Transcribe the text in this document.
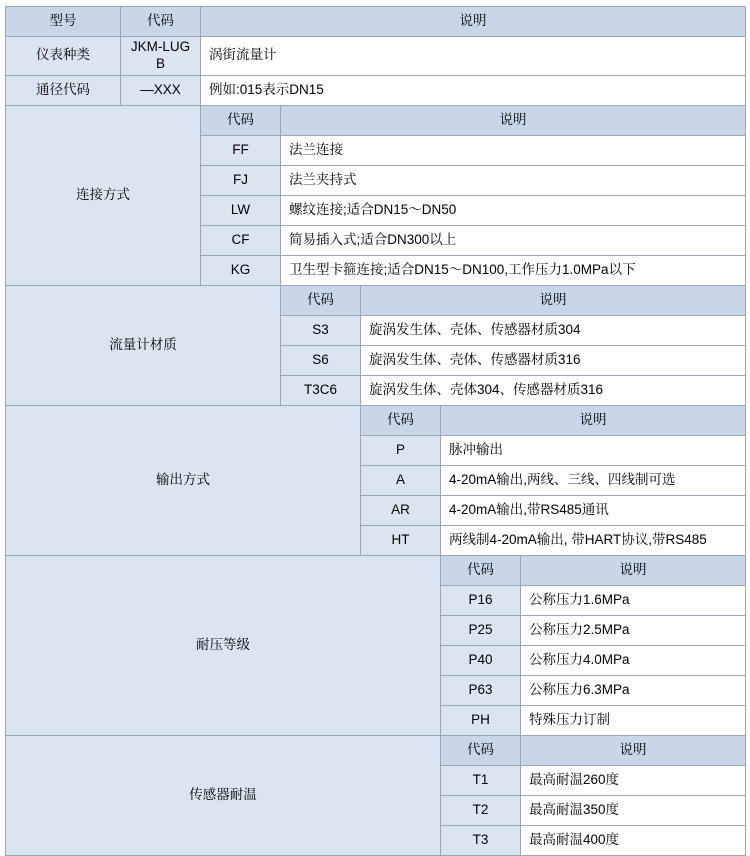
型号	代码	说明				
仪表种类	JKM-LUGB	涡街流量计				
通径代码	—XXX	例如:015表示DN15				
连接方式		代码	说明			
		FF	法兰连接			
		FJ	法兰夹持式			
		LW	螺纹连接;适合DN15～DN50			
		CF	简易插入式;适合DN300以上			
		KG	卫生型卡箍连接;适合DN15～DN100,工作压力1.0MPa以下			
流量计材质			代码	说明		
			S3	旋涡发生体、壳体、传感器材质304		
			S6	旋涡发生体、壳体、传感器材质316		
			T3C6	旋涡发生体、壳体304、传感器材质316		
输出方式				代码	说明	
				P	脉冲输出	
				A	4-20mA输出,两线、三线、四线制可选	
				AR	4-20mA输出,带RS485通讯	
				HT	两线制4-20mA输出, 带HART协议,带RS485	
耐压等级					代码	说明
					P16	公称压力1.6MPa
					P25	公称压力2.5MPa
					P40	公称压力4.0MPa
					P63	公称压力6.3MPa
					PH	特殊压力订制
传感器耐温					代码	说明
					T1	最高耐温260度
					T2	最高耐温350度
					T3	最高耐温400度
